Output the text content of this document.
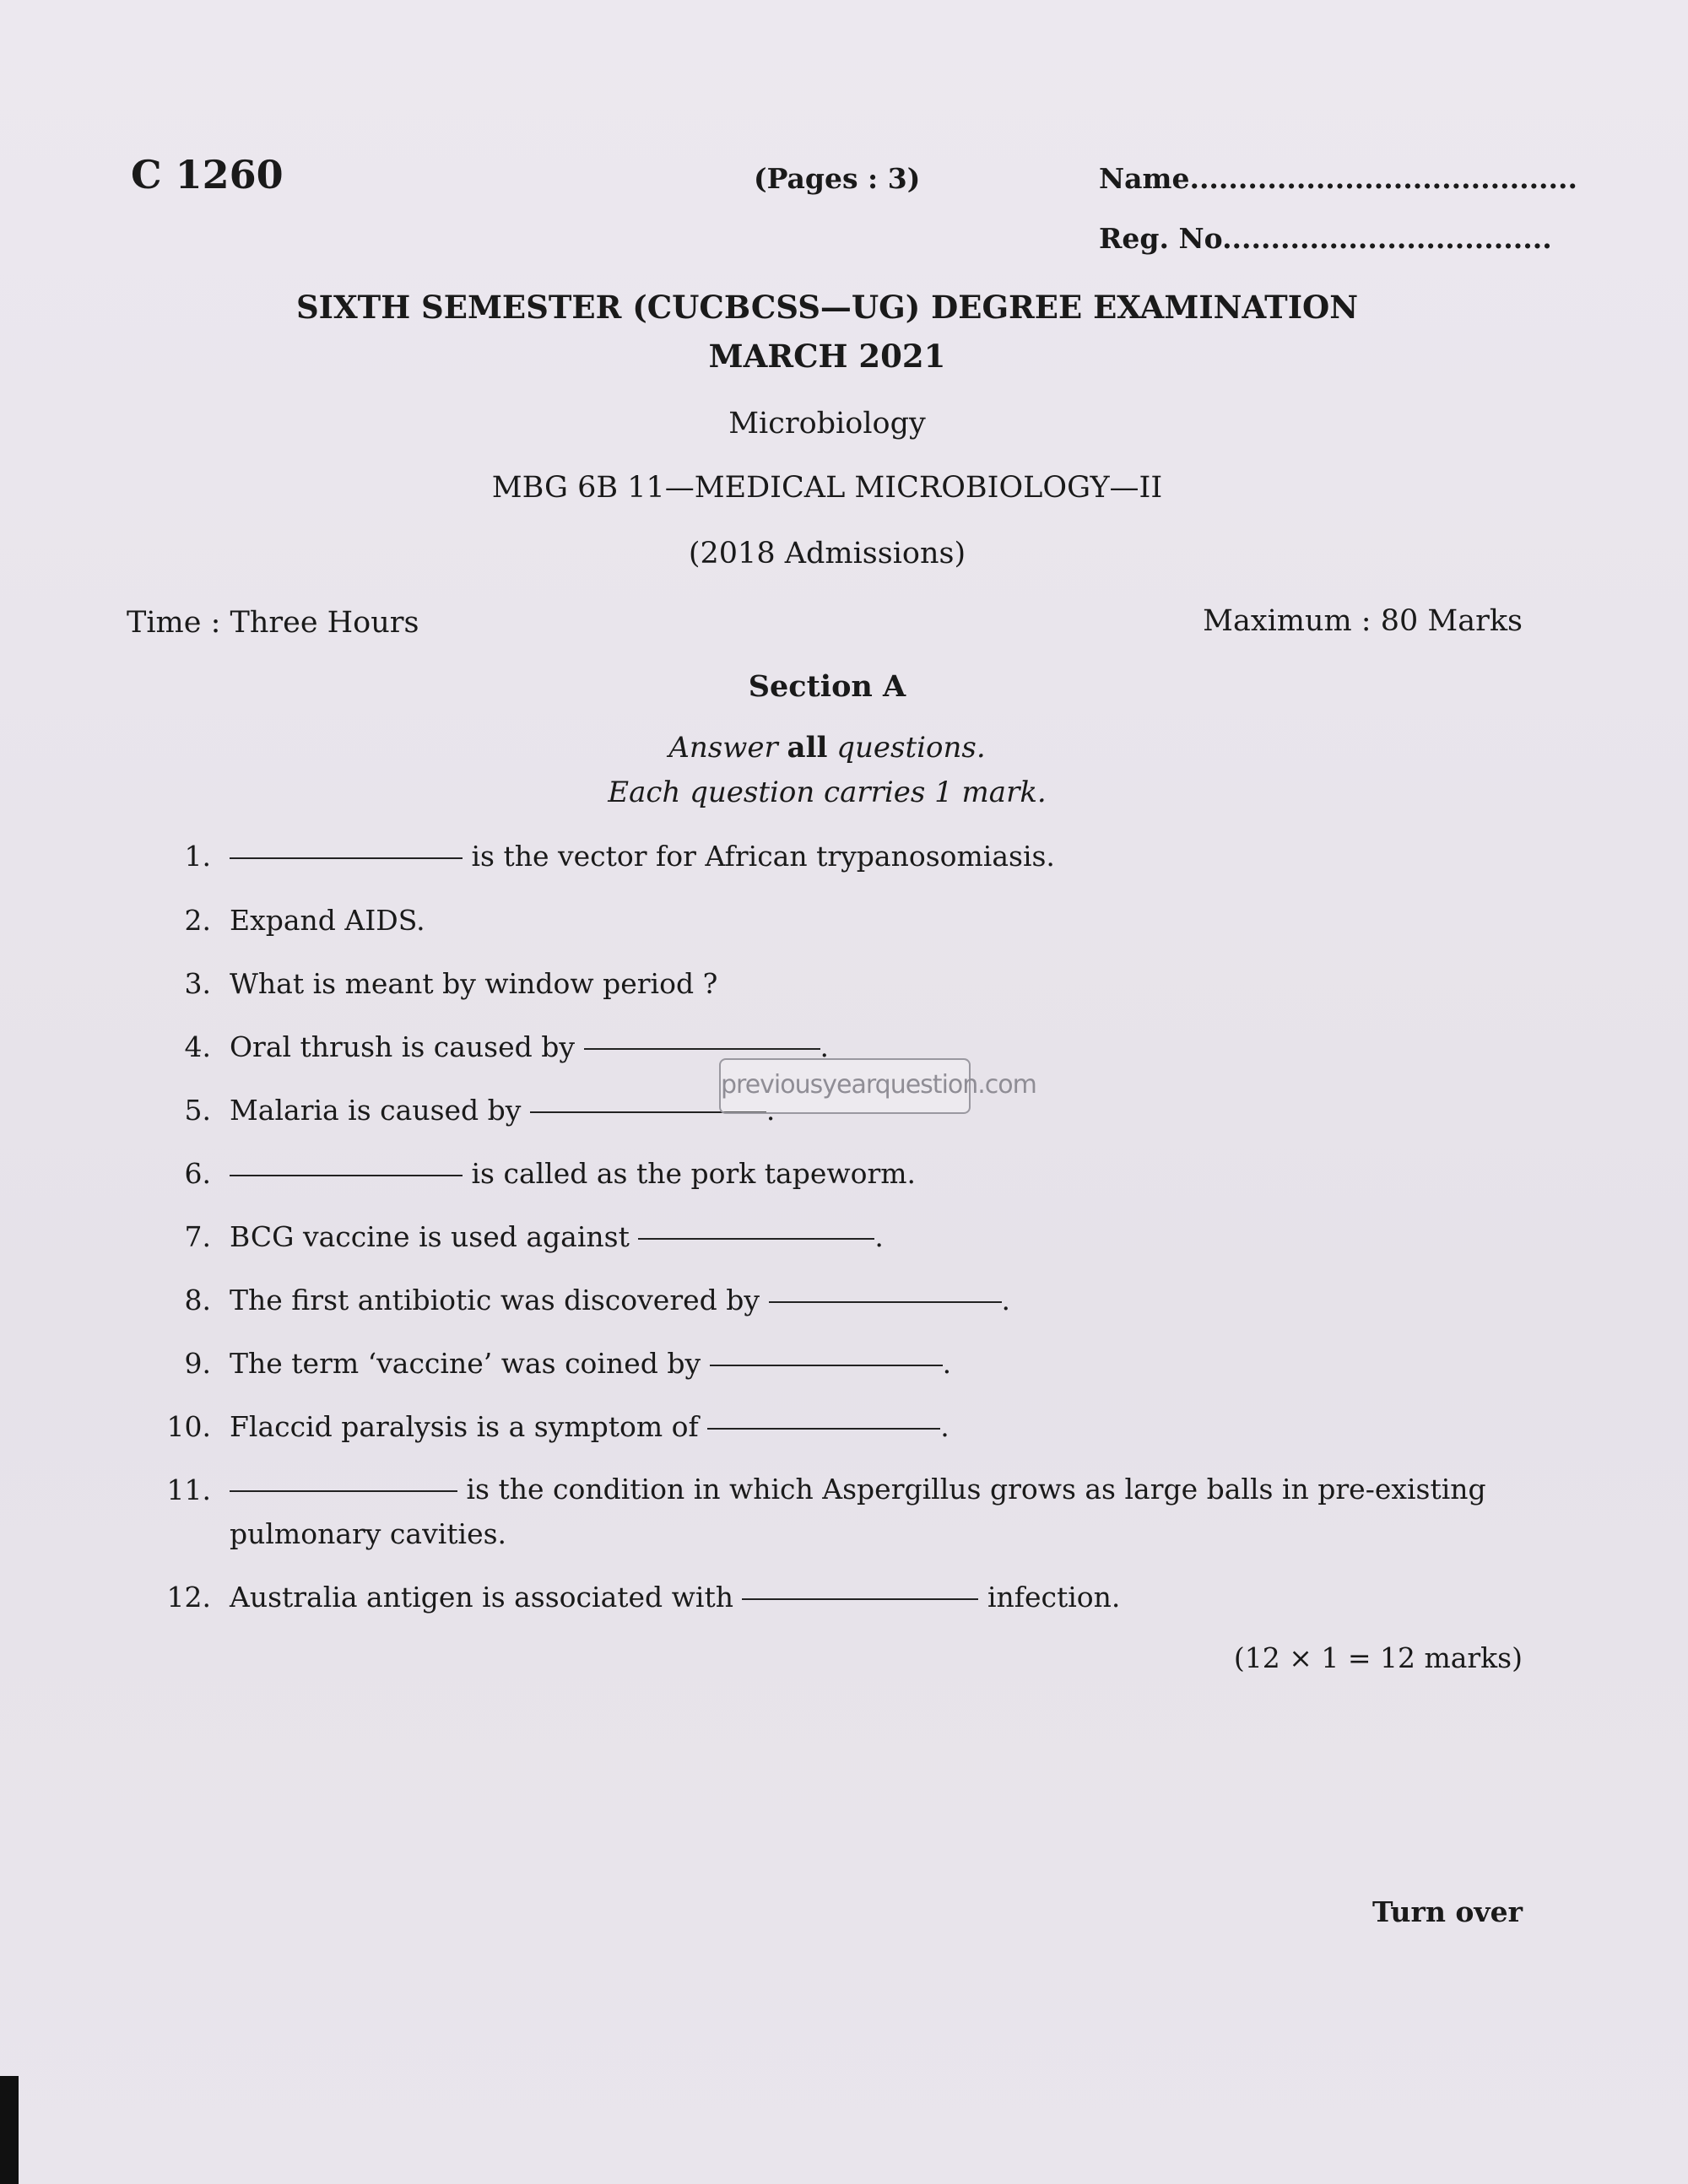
C 1260	(Pages : 3)	Name........................................
Reg. No..................................
SIXTH SEMESTER (CUCBCSS—UG) DEGREE EXAMINATION
MARCH 2021
Microbiology
MBG 6B 11—MEDICAL MICROBIOLOGY—II
(2018 Admissions)
Time : Three Hours	Maximum : 80 Marks
Section A
Answer all questions.
Each question carries 1 mark.
1.	is the vector for African trypanosomiasis.
2. Expand AIDS.
3. What is meant by window period ?
4. Oral thrush is caused by	.
5. Malaria is caused by	.
6.	is called as the pork tapeworm.
7. BCG vaccine is used against	.
8. The first antibiotic was discovered by	.
9. The term ‘vaccine’ was coined by	.
10. Flaccid paralysis is a symptom of	.
11.	is the condition in which Aspergillus grows as large balls in pre-existing pulmonary cavities.
12. Australia antigen is associated with	infection.
(12 × 1 = 12 marks)
Turn over
previousyearquestion.com
